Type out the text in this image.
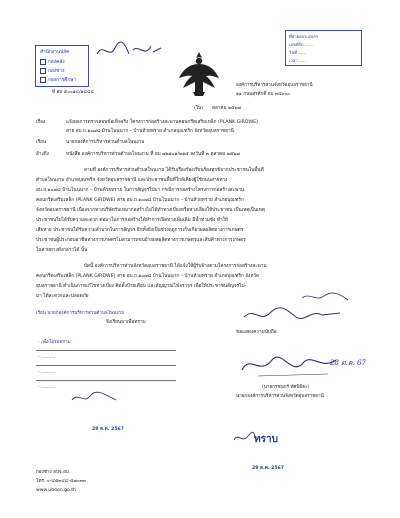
สำนักงานปลัด
กองคลัง
กองช่าง
กองการศึกษา
ที่ฝ่ายอบจ.อุบลฯ
เลขที่รับ ......
วันที่ ......
เวลา ......
ที่ อบ ๕๐๐๑๔/๑๔๔๔
องค์การบริหารส่วนจังหวัดอุบลราชธานี
๑๑ ถนนสุรศักดิ์ อบ ๓๔๐๐๐
(ใน) ตุลาคม ๒๕๖๗
เรื่อง	แจ้งผลการตรวจสอบข้อเท็จจริง โครงการก่อสร้างสะพานคอนกรีตเสริมเหล็ก (PLANK GIRDWE)
สาย อบ.ถ.๑๐๗๘ บ้านโนนนาก – บ้านห้วยทราย อำเภอบุณฑริก จังหวัดอุบลราชธานี
เรียน	นายกองค์การบริหารส่วนตำบลโพนงาม
อ้างถึง	หนังสือ องค์การบริหารส่วนตำบลโพนงาม ที่ อบ ๗๒๑๐๑/๒๑๕ ลงวันที่ ๓ ตุลาคม ๒๕๖๗
ตามที่ องค์การบริหารส่วนตำบลโพนงาม ได้รับเรื่องร้องเรียนร้องทุกข์จากประชาชนในพื้นที่
ตำบลโพนงาม อำเภอบุณฑริก จังหวัดอุบลราชธานี และประชาชนพื้นที่ใกล้เคียงผู้ใช้ถนนสายทาง
อบ.ถ.๑๐๗๘ บ้านโนนนาก – บ้านห้วยทราย ในการสัญจรไปมา กรณีการก่อสร้างโครงการก่อสร้างสะพาน
คอนกรีตเสริมเหล็ก (PLANK GIRDWE) สาย อบ.ถ.๑๐๗๘ บ้านโนนนาก – บ้านห้วยทราย อำเภอบุณฑริก
จังหวัดอุบลราชธานี เนื่องจากทางบริษัทรับเหมาก่อสร้างไม่ได้ทำทางเบี่ยงหรือทางเลี่ยงให้ประชาชน เป็นเหตุเป็นเหตุ
ประชาชนไม่ได้รับความสะดวก ต่อมาในการก่อสร้างได้ทำการเปิดทางเพิ่มเติม มีน้ำท่วมขัง ทำให้
เสียหาย ประชาชนได้รับความลำบากในการสัญจร อีกทั้งยังเป็นช่วงฤดูการเก็บเกี่ยวผลผลิตทางการเกษตร
ประชาชนผู้ประกอบอาชีพทางการเกษตรไม่สามารถขนย้ายผลผลิตทางการเกษตรและสินค้าทางการเกษตร
ในสายทางดังกล่าวได้ นั้น
บัดนี้ องค์การบริหารส่วนจังหวัดอุบลราชธานี ได้แจ้งให้ผู้รับจ้างตามโครงการก่อสร้างสะพาน
คอนกรีตเสริมเหล็ก (PLANK GIRDWE) สาย อบ.ถ.๑๐๗๘ บ้านโนนนาก – บ้านห้วยทราย อำเภอบุณฑริก จังหวัด
อุบลราชธานี ดำเนินการแก้ไขทางเบี่ยง ติดตั้งป้ายเตือน และสัญญาณไฟจราจร เพื่อให้ประชาชนสัญจรไป-
มา ได้สะดวกและปลอดภัย
เรียน นายกองค์การบริหารส่วนตำบลโพนงาม
จึงเรียนมาเพื่อทราบ
ขอแสดงความนับถือ
- เพื่อโปรดทราบ
- ..........
- ..........
- ..........	(นายกรชนกร์ ทัศนิพิยะ)
นายกองค์การบริหารส่วนจังหวัดอุบลราชธานี
28 ต.ค. 67
28 ต.ค. 2567
ทราบ
29 ต.ค. 2567
กองช่าง อบจ.อบ.
โทร. ๐-๔๕๓๔๔-๕๗๐๓๓
www.uboon.go.th
